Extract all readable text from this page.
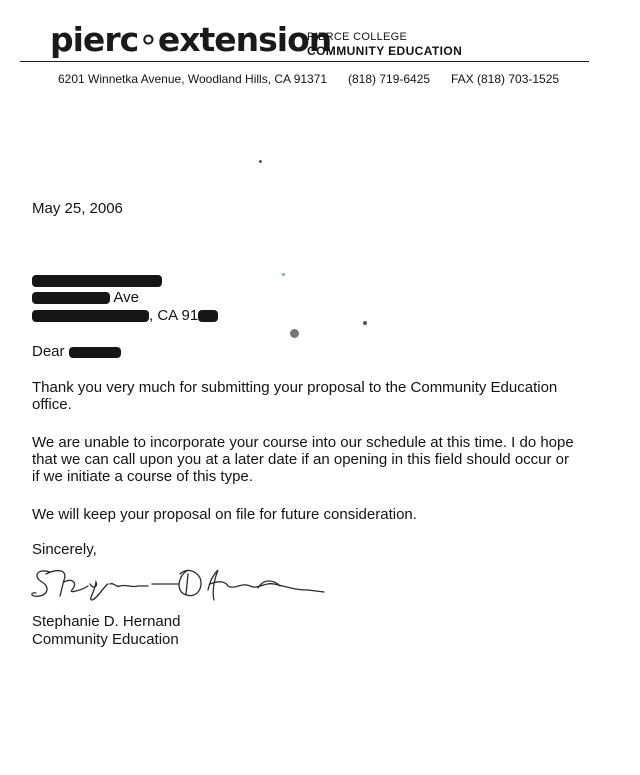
pierc∘extension
PIERCE COLLEGE
COMMUNITY EDUCATION
6201 Winnetka Avenue, Woodland Hills, CA 91371 (818) 719-6425 FAX (818) 703-1525
May 25, 2006
Ave
, CA 91
Dear
Thank you very much for submitting your proposal to the Community Education office.
We are unable to incorporate your course into our schedule at this time. I do hope that we can call upon you at a later date if an opening in this field should occur or if we initiate a course of this type.
We will keep your proposal on file for future consideration.
Sincerely,
Stephanie D. Hernand
Community Education
